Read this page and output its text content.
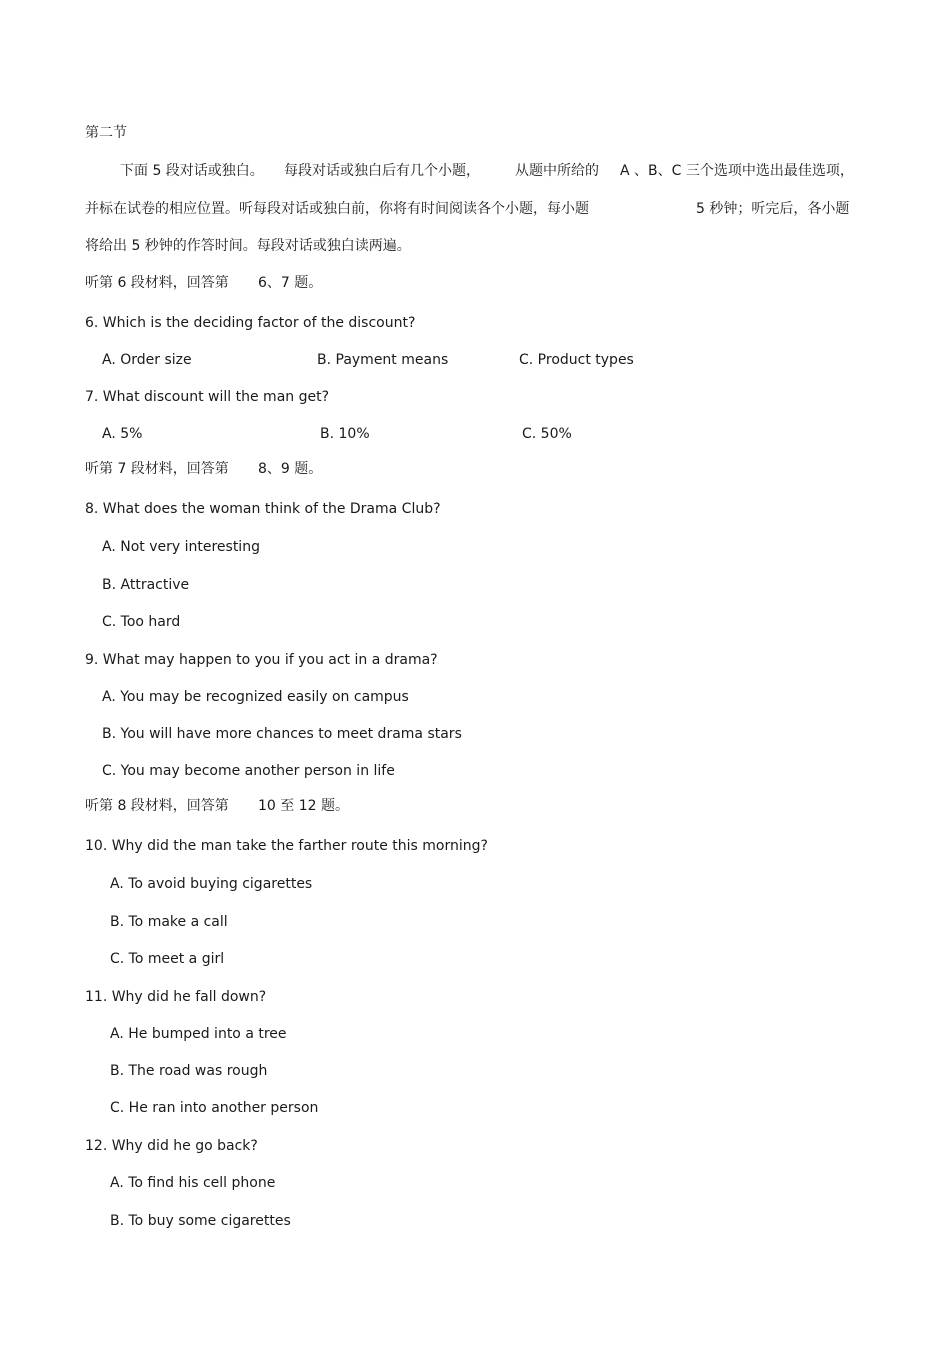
第二节
下面 5 段对话或独白。 每段对话或独白后有几个小题，	从题中所给的 A 、B、C 三个选项中选出最佳选项，
并标在试卷的相应位置。听每段对话或独白前，你将有时间阅读各个小题，每小题	5 秒钟；听完后，各小题
将给出 5 秒钟的作答时间。每段对话或独白读两遍。
听第 6 段材料，回答第 6、7 题。
6. Which is the deciding factor of the discount?
A. Order size	B. Payment means	C. Product types
7. What discount will the man get?
A. 5%	B. 10%	C. 50%
听第 7 段材料，回答第 8、9 题。
8. What does the woman think of the Drama Club?
A. Not very interesting
B. Attractive
C. Too hard
9. What may happen to you if you act in a drama?
A. You may be recognized easily on campus
B. You will have more chances to meet drama stars
C. You may become another person in life
听第 8 段材料，回答第 10 至 12 题。
10. Why did the man take the farther route this morning?
A. To avoid buying cigarettes
B. To make a call
C. To meet a girl
11. Why did he fall down?
A. He bumped into a tree
B. The road was rough
C. He ran into another person
12. Why did he go back?
A. To find his cell phone
B. To buy some cigarettes
